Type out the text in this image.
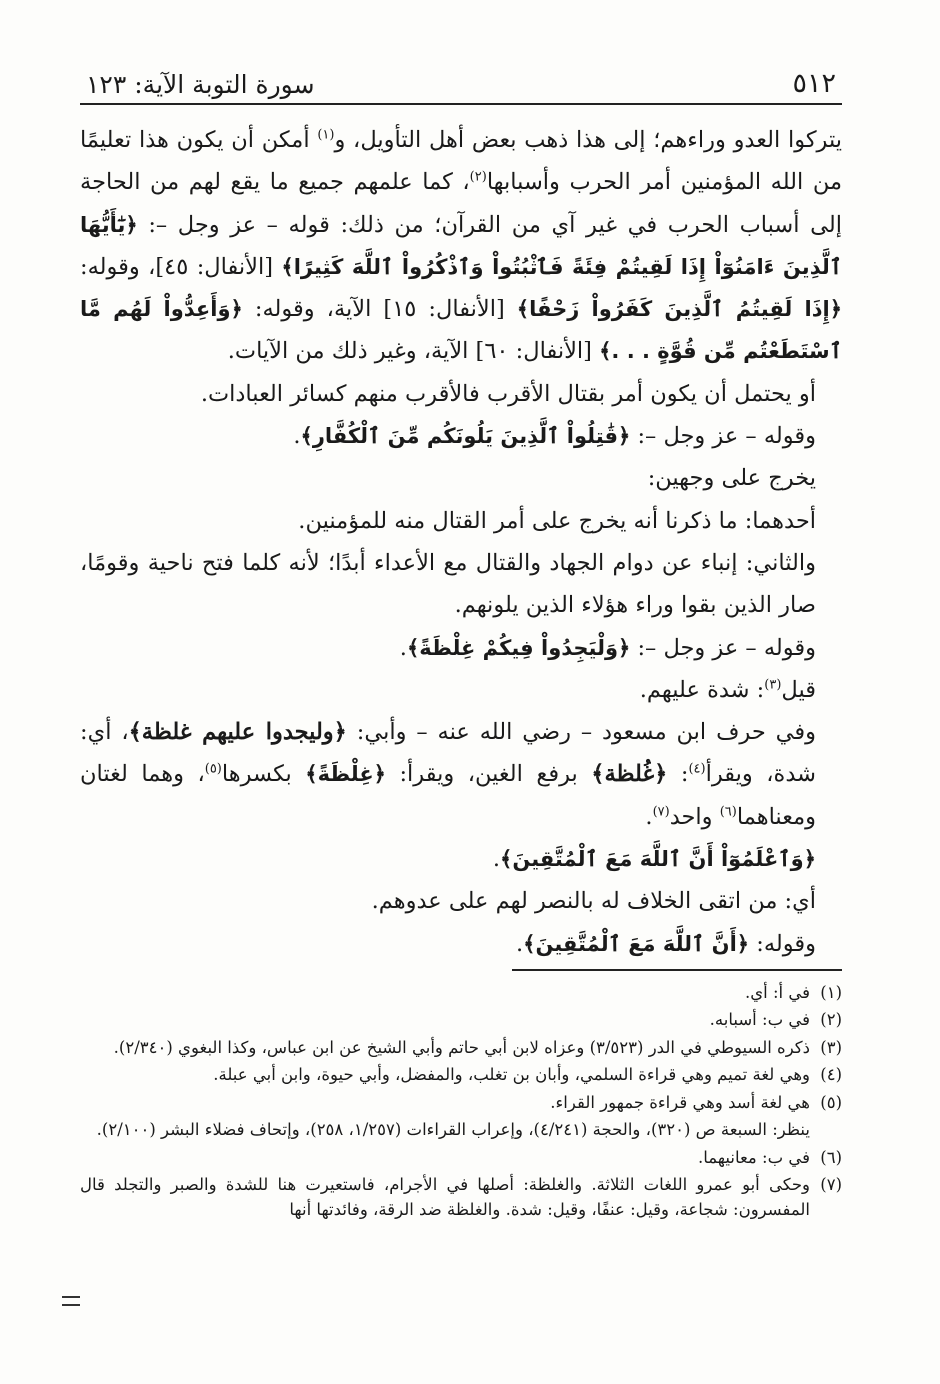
٥١٢
سورة التوبة الآية: ١٢٣

يتركوا العدو وراءهم؛ إلى هذا ذهب بعض أهل التأويل، و$^{(١)}$ أمكن أن يكون هذا تعليمًا من الله المؤمنين أمر الحرب وأسبابها$^{(٢)}$، كما علمهم جميع ما يقع لهم من الحاجة إلى أسباب الحرب في غير آي من القرآن؛ من ذلك: قوله – عز وجل –: ﴿يَٰٓأَيُّهَا ٱلَّذِينَ ءَامَنُوٓاْ إِذَا لَقِيتُمْ فِئَةً فَٱثْبُتُواْ وَٱذْكُرُواْ ٱللَّهَ كَثِيرًا﴾ [الأنفال: ٤٥]، وقوله: ﴿إِذَا لَقِيتُمُ ٱلَّذِينَ كَفَرُواْ زَحْفًا﴾ [الأنفال: ١٥] الآية، وقوله: ﴿وَأَعِدُّواْ لَهُم مَّا ٱسْتَطَعْتُم مِّن قُوَّةٍ . . .﴾ [الأنفال: ٦٠] الآية، وغير ذلك من الآيات.

أو يحتمل أن يكون أمر بقتال الأقرب فالأقرب منهم كسائر العبادات.

وقوله – عز وجل –: ﴿قَٰتِلُواْ ٱلَّذِينَ يَلُونَكُم مِّنَ ٱلْكُفَّارِ﴾.

يخرج على وجهين:

أحدهما: ما ذكرنا أنه يخرج على أمر القتال منه للمؤمنين.

والثاني: إنباء عن دوام الجهاد والقتال مع الأعداء أبدًا؛ لأنه كلما فتح ناحية وقومًا، صار الذين بقوا وراء هؤلاء الذين يلونهم.

وقوله – عز وجل –: ﴿وَلْيَجِدُواْ فِيكُمْ غِلْظَةً﴾.

قيل$^{(٣)}$: شدة عليهم.

وفي حرف ابن مسعود – رضي الله عنه – وأبي: ﴿وليجدوا عليهم غلظة﴾، أي: شدة، ويقرأ$^{(٤)}$: ﴿غُلظة﴾ برفع الغين، ويقرأ: ﴿غِلْظَةً﴾ بكسرها$^{(٥)}$، وهما لغتان ومعناهما$^{(٦)}$ واحد$^{(٧)}$.

﴿وَٱعْلَمُوٓاْ أَنَّ ٱللَّهَ مَعَ ٱلْمُتَّقِينَ﴾.

أي: من اتقى الخلاف له بالنصر لهم على عدوهم.

وقوله: ﴿أَنَّ ٱللَّهَ مَعَ ٱلْمُتَّقِينَ﴾.

(١)
في أ: أي.
(٢)
في ب: أسبابه.
(٣)
ذكره السيوطي في الدر (٣/٥٢٣) وعزاه لابن أبي حاتم وأبي الشيخ عن ابن عباس، وكذا البغوي (٢/٣٤٠).
(٤)
وهي لغة تميم وهي قراءة السلمي، وأبان بن تغلب، والمفضل، وأبي حيوة، وابن أبي عبلة.
(٥)
هي لغة أسد وهي قراءة جمهور القراء.
ينظر: السبعة ص (٣٢٠)، والحجة (٤/٢٤١)، وإعراب القراءات (١/٢٥٧، ٢٥٨)، وإتحاف فضلاء البشر (٢/١٠٠).
(٦)
في ب: معانيهما.
(٧)
وحكى أبو عمرو اللغات الثلاثة. والغلظة: أصلها في الأجرام، فاستعيرت هنا للشدة والصبر والتجلد قال المفسرون: شجاعة، وقيل: عنفًا، وقيل: شدة. والغلظة ضد الرقة، وفائدتها أنها
